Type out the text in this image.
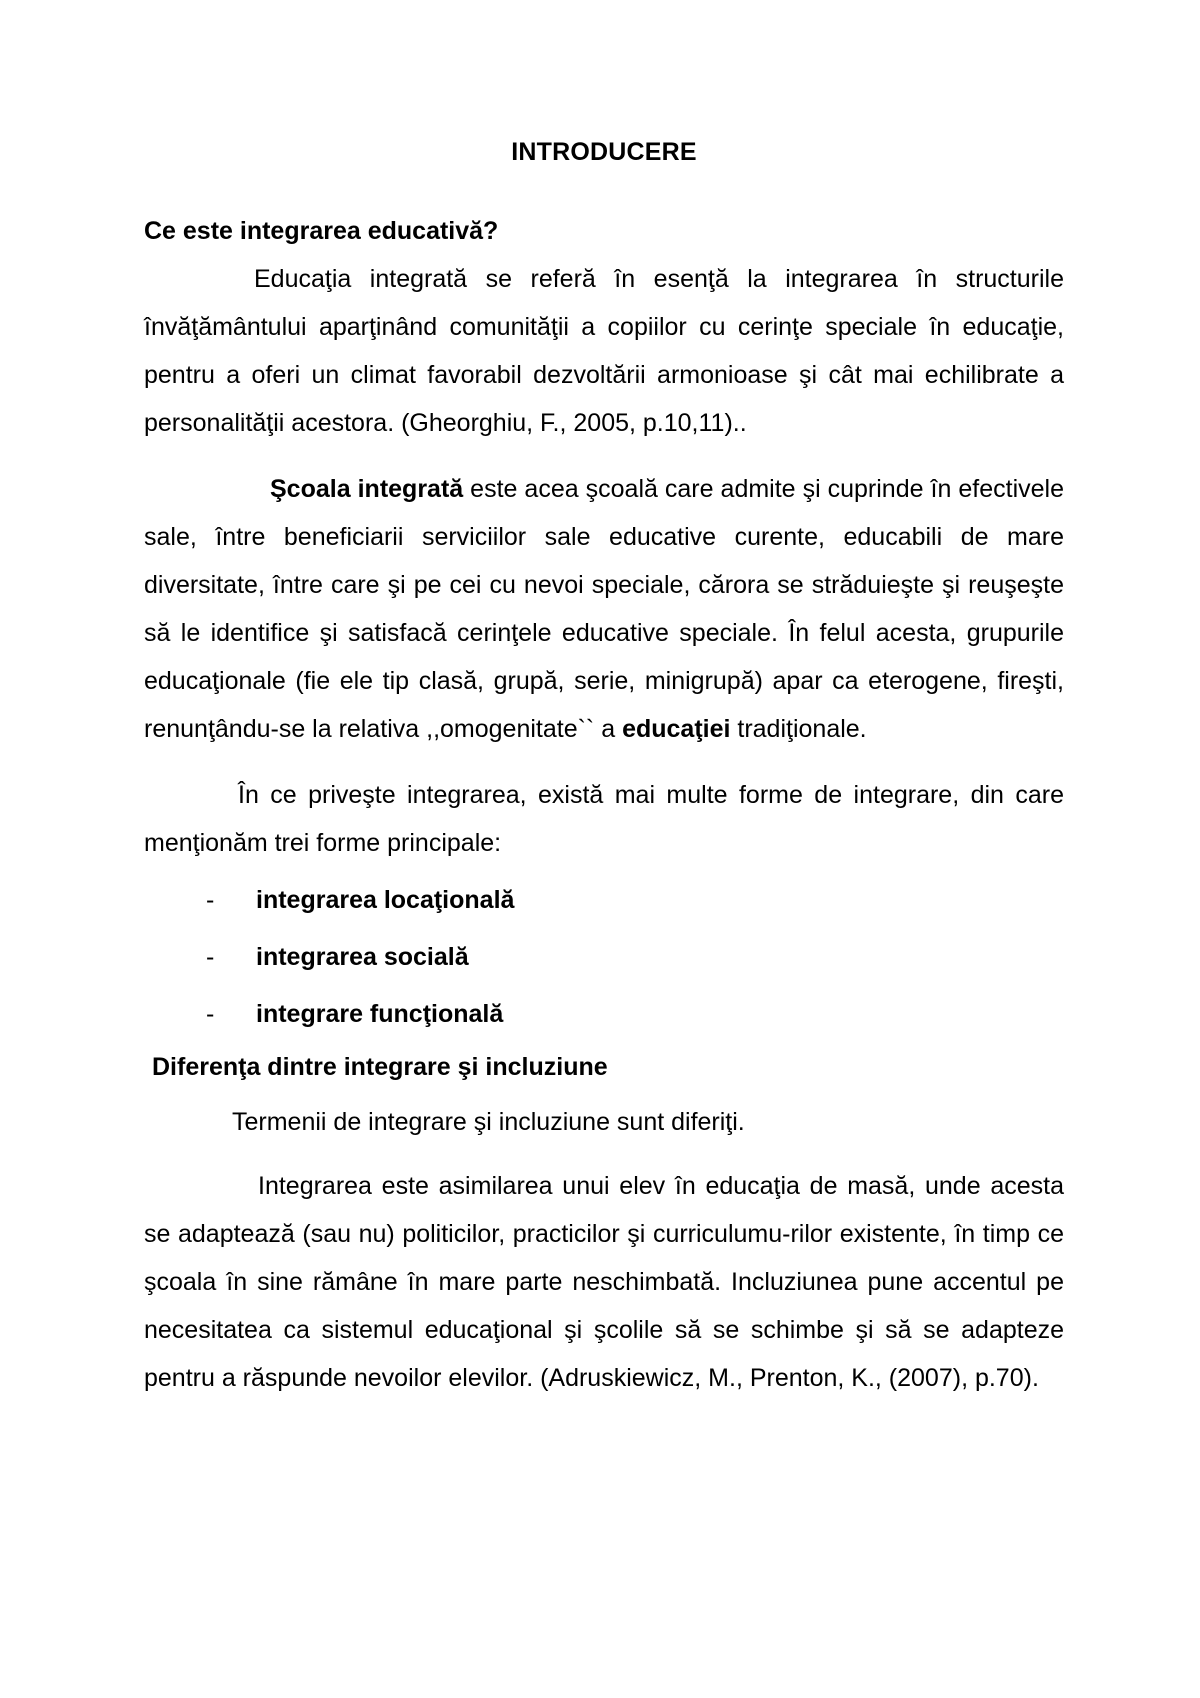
INTRODUCERE
Ce este integrarea educativă?

Educaţia integrată se referă în esenţă la integrarea în structurile învăţământului aparţinând comunităţii a copiilor cu cerinţe speciale în educaţie, pentru a oferi un climat favorabil dezvoltării armonioase şi cât mai echilibrate a personalităţii acestora. (Gheorghiu, F., 2005, p.10,11)..

Şcoala integrată este acea şcoală care admite şi cuprinde în efectivele sale, între beneficiarii serviciilor sale educative curente, educabili de mare diversitate, între care şi pe cei cu nevoi speciale, cărora se străduieşte şi reuşeşte să le identifice şi satisfacă cerinţele educative speciale. În felul acesta, grupurile educaţionale (fie ele tip clasă, grupă, serie, minigrupă) apar ca eterogene, fireşti, renunţându-se la relativa ,,omogenitate`` a educaţiei tradiţionale.

În ce priveşte integrarea, există mai multe forme de integrare, din care menţionăm trei forme principale:

-	integrarea locaţională
-	integrarea socială
-	integrare funcţională
Diferenţa dintre integrare şi incluziune

Termenii de integrare şi incluziune sunt diferiţi.

Integrarea este asimilarea unui elev în educaţia de masă, unde acesta se adaptează (sau nu) politicilor, practicilor şi curriculumu-rilor existente, în timp ce şcoala în sine rămâne în mare parte neschimbată. Incluziunea pune accentul pe necesitatea ca sistemul educaţional şi şcolile să se schimbe şi să se adapteze pentru a răspunde nevoilor elevilor. (Adruskiewicz, M., Prenton, K., (2007), p.70).
